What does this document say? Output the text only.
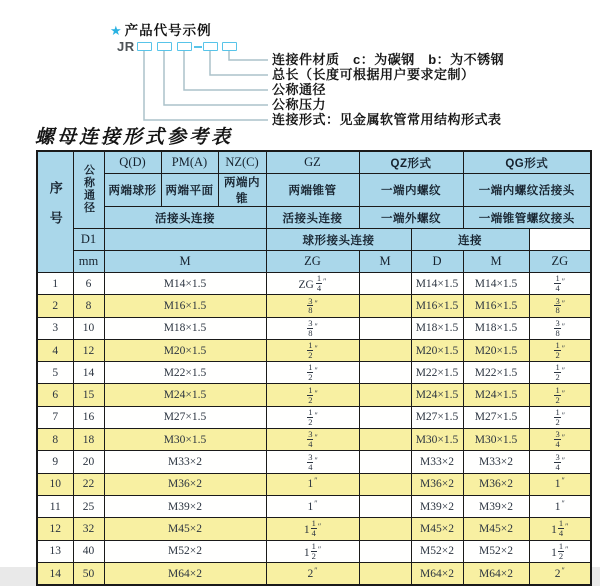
★ 产品代号示例
JR
连接件材质　c：为碳钢　b：为不锈钢
总长（长度可根据用户要求定制）
公称通径
公称压力
连接形式：见金属软管常用结构形式表
螺母连接形式参考表
序号	公称通径	Q(D)	PM(A)	NZ(C)	GZ	QZ形式		QG形式	
		两端球形	两端平面	两端内锥	两端锥管	一端内螺纹		一端内螺纹活接头	
		活接头连接			活接头连接	一端外螺纹		一端锥管螺纹接头	
	D1				球形接头连接		连接		
	mm	M			ZG	M	D	M	ZG
1	6	M14×1.5			ZG $\frac{1}{4} ''$		M14×1.5	M14×1.5	$\frac{1}{4} ''$
2	8	M16×1.5			$\frac{3}{8} ''$		M16×1.5	M16×1.5	$\frac{3}{8} ''$
3	10	M18×1.5			$\frac{3}{8} ''$		M18×1.5	M18×1.5	$\frac{3}{8} ''$
4	12	M20×1.5			$\frac{1}{2} ''$		M20×1.5	M20×1.5	$\frac{1}{2} ''$
5	14	M22×1.5			$\frac{1}{2} ''$		M22×1.5	M22×1.5	$\frac{1}{2} ''$
6	15	M24×1.5			$\frac{1}{2} ''$		M24×1.5	M24×1.5	$\frac{1}{2} ''$
7	16	M27×1.5			$\frac{1}{2} ''$		M27×1.5	M27×1.5	$\frac{1}{2} ''$
8	18	M30×1.5			$\frac{3}{4} ''$		M30×1.5	M30×1.5	$\frac{3}{4} ''$
9	20	M33×2			$\frac{3}{4} ''$		M33×2	M33×2	$\frac{3}{4} ''$
10	22	M36×2			1″		M36×2	M36×2	1″
11	25	M39×2			1″		M39×2	M39×2	1″
12	32	M45×2			$1 \frac{1}{4} ''$		M45×2	M45×2	$1 \frac{1}{4} ''$
13	40	M52×2			$1 \frac{1}{2} ''$		M52×2	M52×2	$1 \frac{1}{2} ''$
14	50	M64×2			2″		M64×2	M64×2	2″
